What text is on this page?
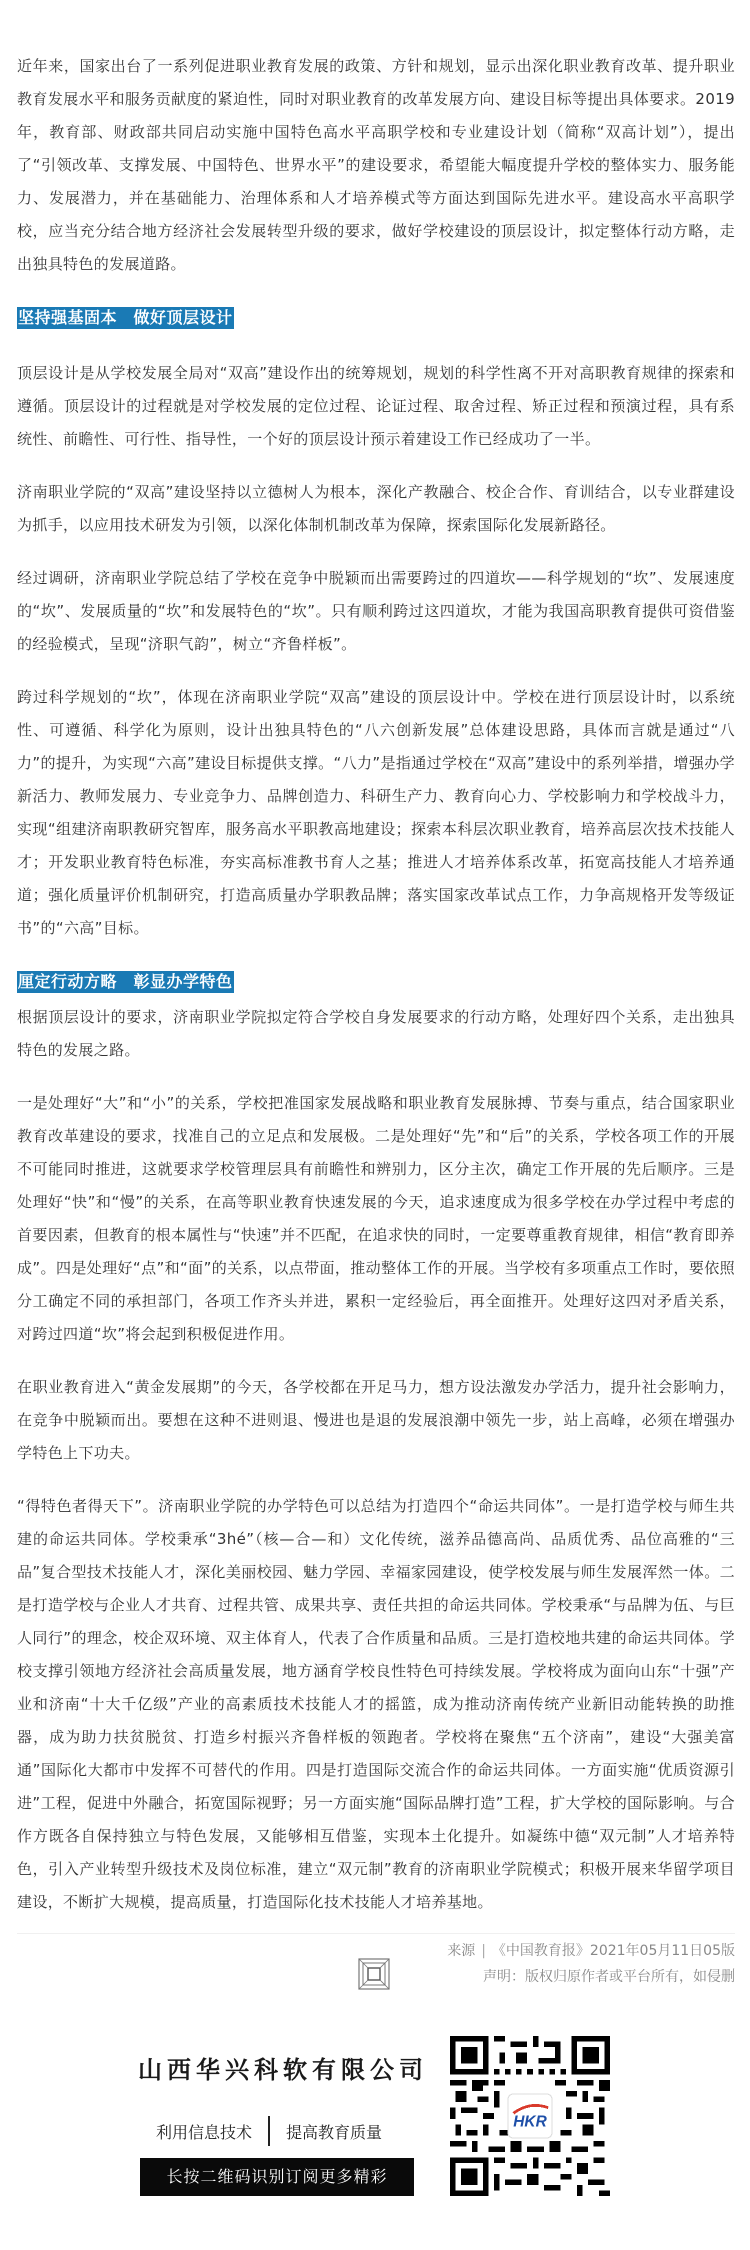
近年来，国家出台了一系列促进职业教育发展的政策、方针和规划，显示出深化职业教育改革、提升职业教育发展水平和服务贡献度的紧迫性，同时对职业教育的改革发展方向、建设目标等提出具体要求。2019年，教育部、财政部共同启动实施中国特色高水平高职学校和专业建设计划（简称“双高计划”），提出了“引领改革、支撑发展、中国特色、世界水平”的建设要求，希望能大幅度提升学校的整体实力、服务能力、发展潜力，并在基础能力、治理体系和人才培养模式等方面达到国际先进水平。建设高水平高职学校，应当充分结合地方经济社会发展转型升级的要求，做好学校建设的顶层设计，拟定整体行动方略，走出独具特色的发展道路。

坚持强基固本　做好顶层设计

顶层设计是从学校发展全局对“双高”建设作出的统筹规划，规划的科学性离不开对高职教育规律的探索和遵循。顶层设计的过程就是对学校发展的定位过程、论证过程、取舍过程、矫正过程和预演过程，具有系统性、前瞻性、可行性、指导性，一个好的顶层设计预示着建设工作已经成功了一半。

济南职业学院的“双高”建设坚持以立德树人为根本，深化产教融合、校企合作、育训结合，以专业群建设为抓手，以应用技术研发为引领，以深化体制机制改革为保障，探索国际化发展新路径。

经过调研，济南职业学院总结了学校在竞争中脱颖而出需要跨过的四道坎——科学规划的“坎”、发展速度的“坎”、发展质量的“坎”和发展特色的“坎”。只有顺利跨过这四道坎，才能为我国高职教育提供可资借鉴的经验模式，呈现“济职气韵”，树立“齐鲁样板”。

跨过科学规划的“坎”，体现在济南职业学院“双高”建设的顶层设计中。学校在进行顶层设计时，以系统性、可遵循、科学化为原则，设计出独具特色的“八六创新发展”总体建设思路，具体而言就是通过“八力”的提升，为实现“六高”建设目标提供支撑。“八力”是指通过学校在“双高”建设中的系列举措，增强办学新活力、教师发展力、专业竞争力、品牌创造力、科研生产力、教育向心力、学校影响力和学校战斗力，实现“组建济南职教研究智库，服务高水平职教高地建设；探索本科层次职业教育，培养高层次技术技能人才；开发职业教育特色标准，夯实高标准教书育人之基；推进人才培养体系改革，拓宽高技能人才培养通道；强化质量评价机制研究，打造高质量办学职教品牌；落实国家改革试点工作，力争高规格开发等级证书”的“六高”目标。

厘定行动方略　彰显办学特色

根据顶层设计的要求，济南职业学院拟定符合学校自身发展要求的行动方略，处理好四个关系，走出独具特色的发展之路。

一是处理好“大”和“小”的关系，学校把准国家发展战略和职业教育发展脉搏、节奏与重点，结合国家职业教育改革建设的要求，找准自己的立足点和发展极。二是处理好“先”和“后”的关系，学校各项工作的开展不可能同时推进，这就要求学校管理层具有前瞻性和辨别力，区分主次，确定工作开展的先后顺序。三是处理好“快”和“慢”的关系，在高等职业教育快速发展的今天，追求速度成为很多学校在办学过程中考虑的首要因素，但教育的根本属性与“快速”并不匹配，在追求快的同时，一定要尊重教育规律，相信“教育即养成”。四是处理好“点”和“面”的关系，以点带面，推动整体工作的开展。当学校有多项重点工作时，要依照分工确定不同的承担部门，各项工作齐头并进，累积一定经验后，再全面推开。处理好这四对矛盾关系，对跨过四道“坎”将会起到积极促进作用。

在职业教育进入“黄金发展期”的今天，各学校都在开足马力，想方设法激发办学活力，提升社会影响力，在竞争中脱颖而出。要想在这种不进则退、慢进也是退的发展浪潮中领先一步，站上高峰，必须在增强办学特色上下功夫。

“得特色者得天下”。济南职业学院的办学特色可以总结为打造四个“命运共同体”。一是打造学校与师生共建的命运共同体。学校秉承“3hé”（核—合—和）文化传统，滋养品德高尚、品质优秀、品位高雅的“三品”复合型技术技能人才，深化美丽校园、魅力学园、幸福家园建设，使学校发展与师生发展浑然一体。二是打造学校与企业人才共育、过程共管、成果共享、责任共担的命运共同体。学校秉承“与品牌为伍、与巨人同行”的理念，校企双环境、双主体育人，代表了合作质量和品质。三是打造校地共建的命运共同体。学校支撑引领地方经济社会高质量发展，地方涵育学校良性特色可持续发展。学校将成为面向山东“十强”产业和济南“十大千亿级”产业的高素质技术技能人才的摇篮，成为推动济南传统产业新旧动能转换的助推器，成为助力扶贫脱贫、打造乡村振兴齐鲁样板的领跑者。学校将在聚焦“五个济南”，建设“大强美富通”国际化大都市中发挥不可替代的作用。四是打造国际交流合作的命运共同体。一方面实施“优质资源引进”工程，促进中外融合，拓宽国际视野；另一方面实施“国际品牌打造”工程，扩大学校的国际影响。与合作方既各自保持独立与特色发展，又能够相互借鉴，实现本土化提升。如凝练中德“双元制”人才培养特色，引入产业转型升级技术及岗位标准，建立“双元制”教育的济南职业学院模式；积极开展来华留学项目建设，不断扩大规模，提高质量，打造国际化技术技能人才培养基地。

来源 | 《中国教育报》2021年05月11日05版
声明：版权归原作者或平台所有，如侵删
山西华兴科软有限公司
利用信息技术 提高教育质量
长按二维码识别订阅更多精彩
HKR
